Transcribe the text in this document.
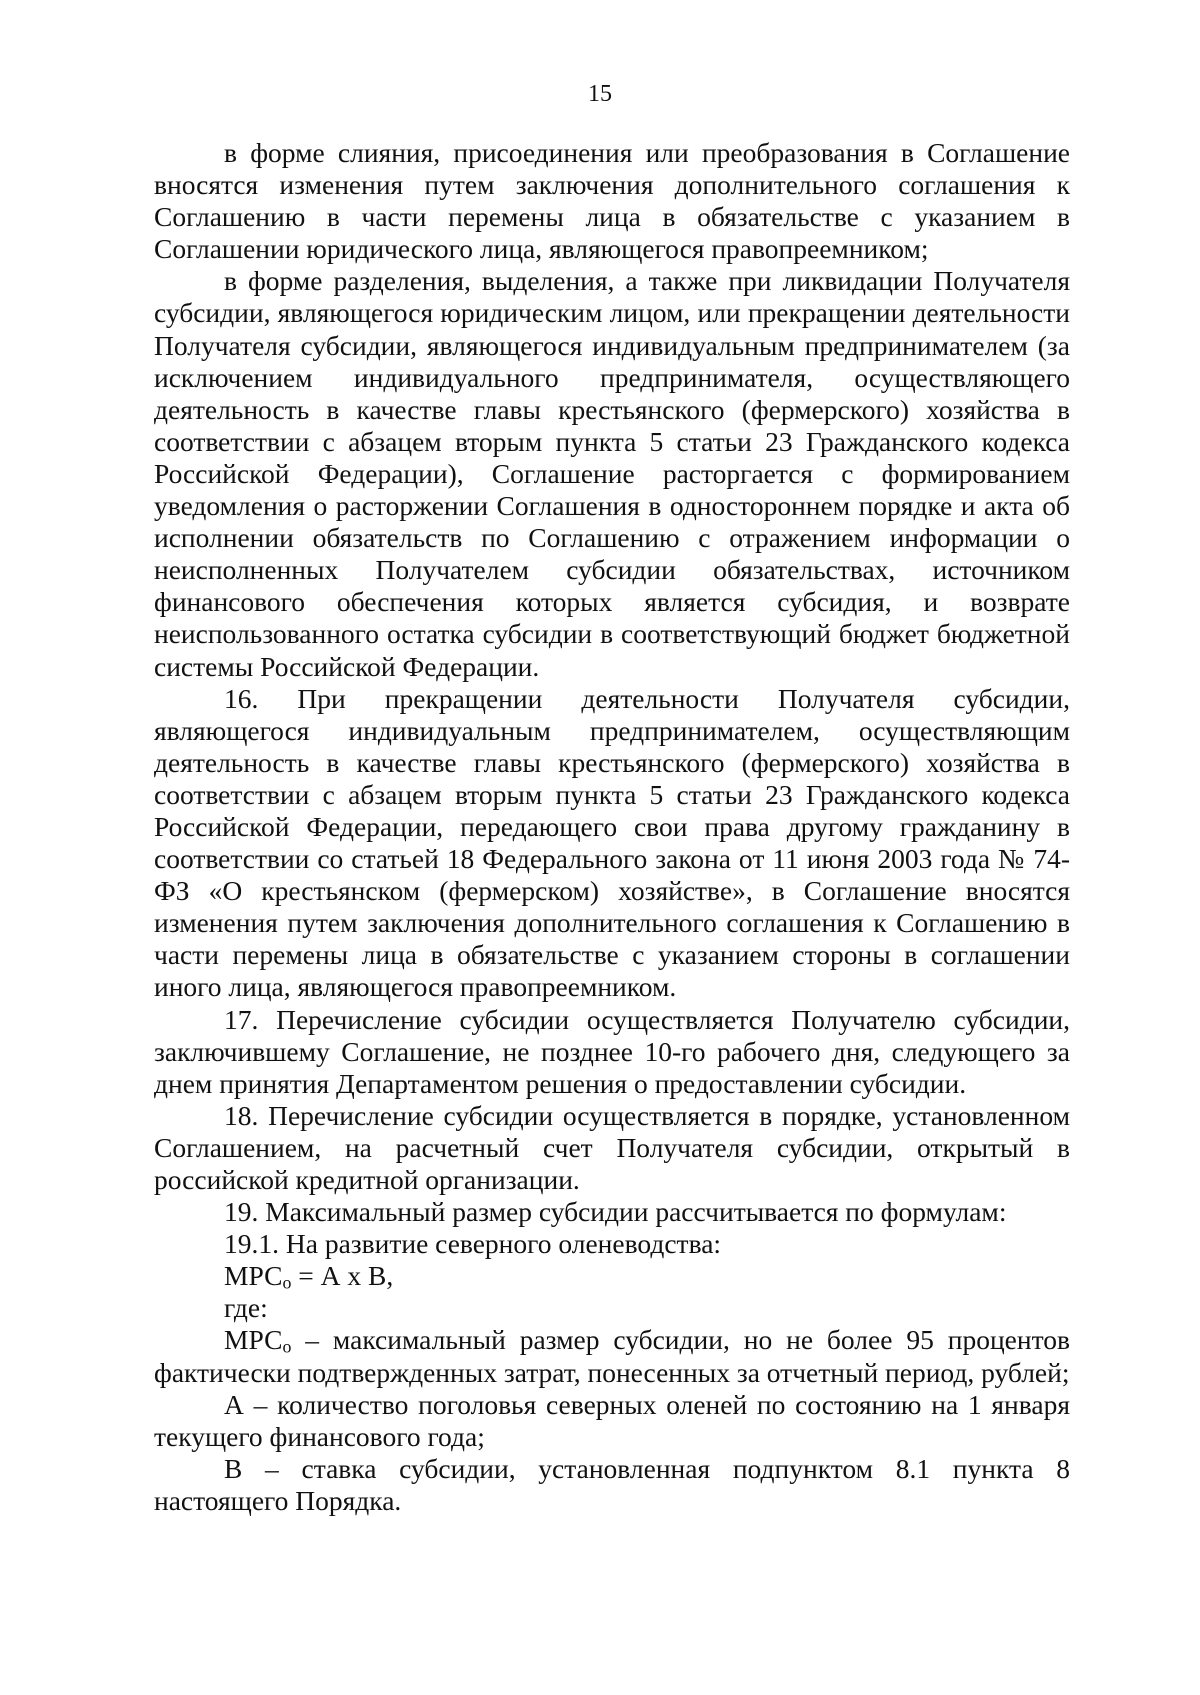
15

в форме слияния, присоединения или преобразования в Соглашение вносятся изменения путем заключения дополнительного соглашения к Соглашению в части перемены лица в обязательстве с указанием в Соглашении юридического лица, являющегося правопреемником;

в форме разделения, выделения, а также при ликвидации Получателя субсидии, являющегося юридическим лицом, или прекращении деятельности Получателя субсидии, являющегося индивидуальным предпринимателем (за исключением индивидуального предпринимателя, осуществляющего деятельность в качестве главы крестьянского (фермерского) хозяйства в соответствии с абзацем вторым пункта 5 статьи 23 Гражданского кодекса Российской Федерации), Соглашение расторгается с формированием уведомления о расторжении Соглашения в одностороннем порядке и акта об исполнении обязательств по Соглашению с отражением информации о неисполненных Получателем субсидии обязательствах, источником финансового обеспечения которых является субсидия, и возврате неиспользованного остатка субсидии в соответствующий бюджет бюджетной системы Российской Федерации.

16. При прекращении деятельности Получателя субсидии, являющегося индивидуальным предпринимателем, осуществляющим деятельность в качестве главы крестьянского (фермерского) хозяйства в соответствии с абзацем вторым пункта 5 статьи 23 Гражданского кодекса Российской Федерации, передающего свои права другому гражданину в соответствии со статьей 18 Федерального закона от 11 июня 2003 года № 74-ФЗ «О крестьянском (фермерском) хозяйстве», в Соглашение вносятся изменения путем заключения дополнительного соглашения к Соглашению в части перемены лица в обязательстве с указанием стороны в соглашении иного лица, являющегося правопреемником.

17. Перечисление субсидии осуществляется Получателю субсидии, заключившему Соглашение, не позднее 10-го рабочего дня, следующего за днем принятия Департаментом решения о предоставлении субсидии.

18. Перечисление субсидии осуществляется в порядке, установленном Соглашением, на расчетный счет Получателя субсидии, открытый в российской кредитной организации.

19. Максимальный размер субсидии рассчитывается по формулам:

19.1. На развитие северного оленеводства:

$МРС_о = А$ х В,

где:

$МРС_о$ – максимальный размер субсидии, но не более 95 процентов фактически подтвержденных затрат, понесенных за отчетный период, рублей;

А – количество поголовья северных оленей по состоянию на 1 января текущего финансового года;

В – ставка субсидии, установленная подпунктом 8.1 пункта 8 настоящего Порядка.
